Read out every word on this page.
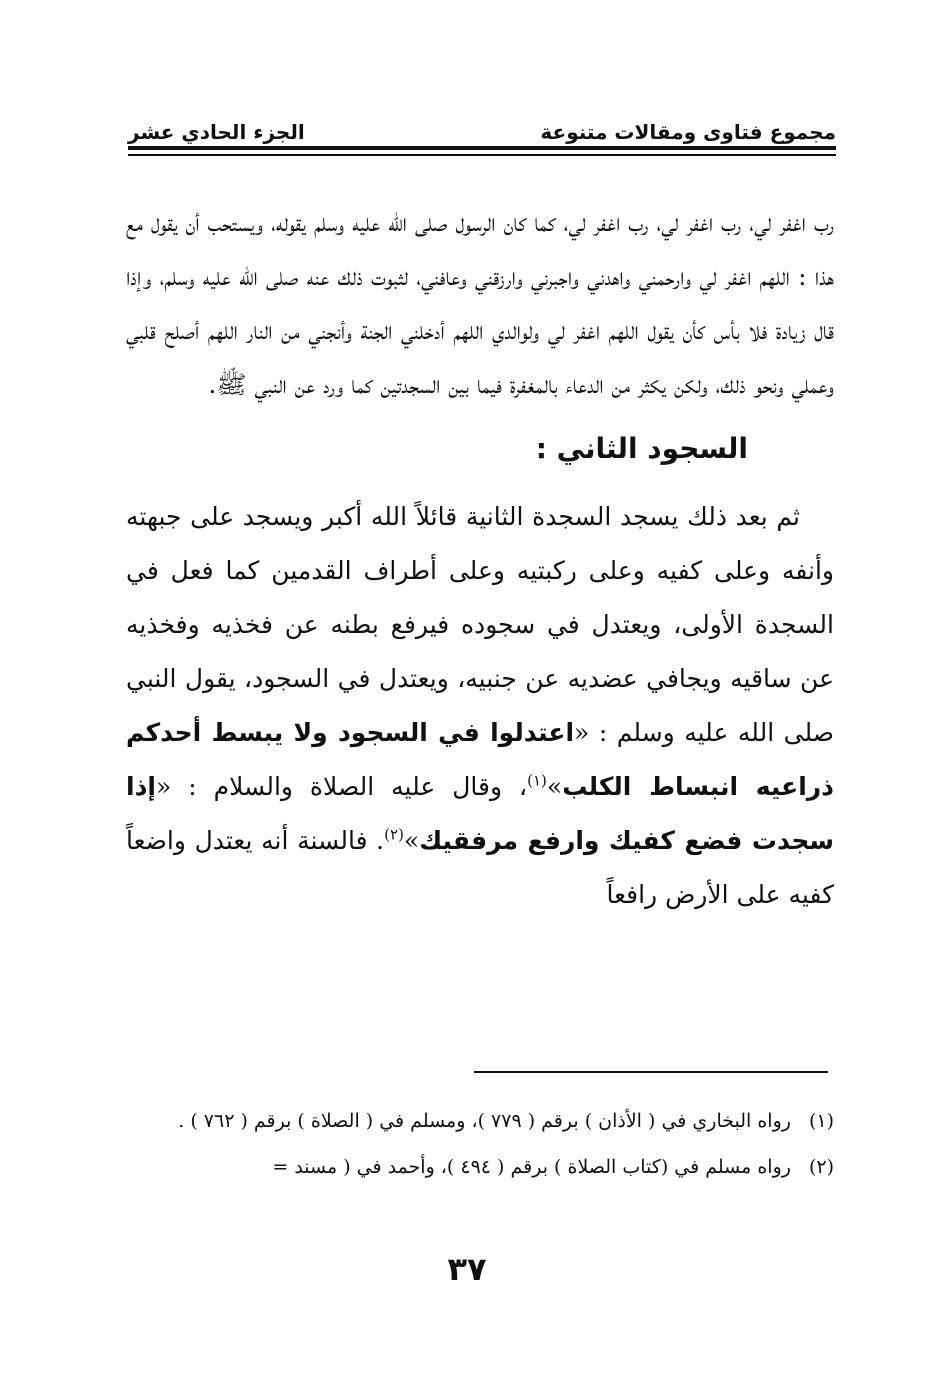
مجموع فتاوى ومقالات متنوعة
الجزء الحادي عشر

رب اغفر لي، رب اغفر لي، رب اغفر لي، كما كان الرسول صلى الله عليه وسلم يقوله، ويستحب أن يقول مع هذا : اللهم اغفر لي وارحمني واهدني واجبرني وارزقني وعافني، لثبوت ذلك عنه صلى الله عليه وسلم، وإذا قال زيادة فلا بأس كأن يقول اللهم اغفر لي ولوالدي اللهم أدخلني الجنة وأنجني من النار اللهم أصلح قلبي وعملي ونحو ذلك، ولكن يكثر من الدعاء بالمغفرة فيما بين السجدتين كما ورد عن النبي ﷺ.

السجود الثاني :

ثم بعد ذلك يسجد السجدة الثانية قائلاً الله أكبر ويسجد على جبهته وأنفه وعلى كفيه وعلى ركبتيه وعلى أطراف القدمين كما فعل في السجدة الأولى، ويعتدل في سجوده فيرفع بطنه عن فخذيه وفخذيه عن ساقيه ويجافي عضديه عن جنبيه، ويعتدل في السجود، يقول النبي صلى الله عليه وسلم : «اعتدلوا في السجود ولا يبسط أحدكم ذراعيه انبساط الكلب»$^{(١)}$، وقال عليه الصلاة والسلام : «إذا سجدت فضع كفيك وارفع مرفقيك»$^{(٢)}$. فالسنة أنه يعتدل واضعاً كفيه على الأرض رافعاً

(١)
رواه البخاري في ( الأذان ) برقم ( ٧٧٩ )، ومسلم في ( الصلاة ) برقم ( ٧٦٢ ) .
(٢)
رواه مسلم في (كتاب الصلاة ) برقم ( ٤٩٤ )، وأحمد في ( مسند =
٣٧
